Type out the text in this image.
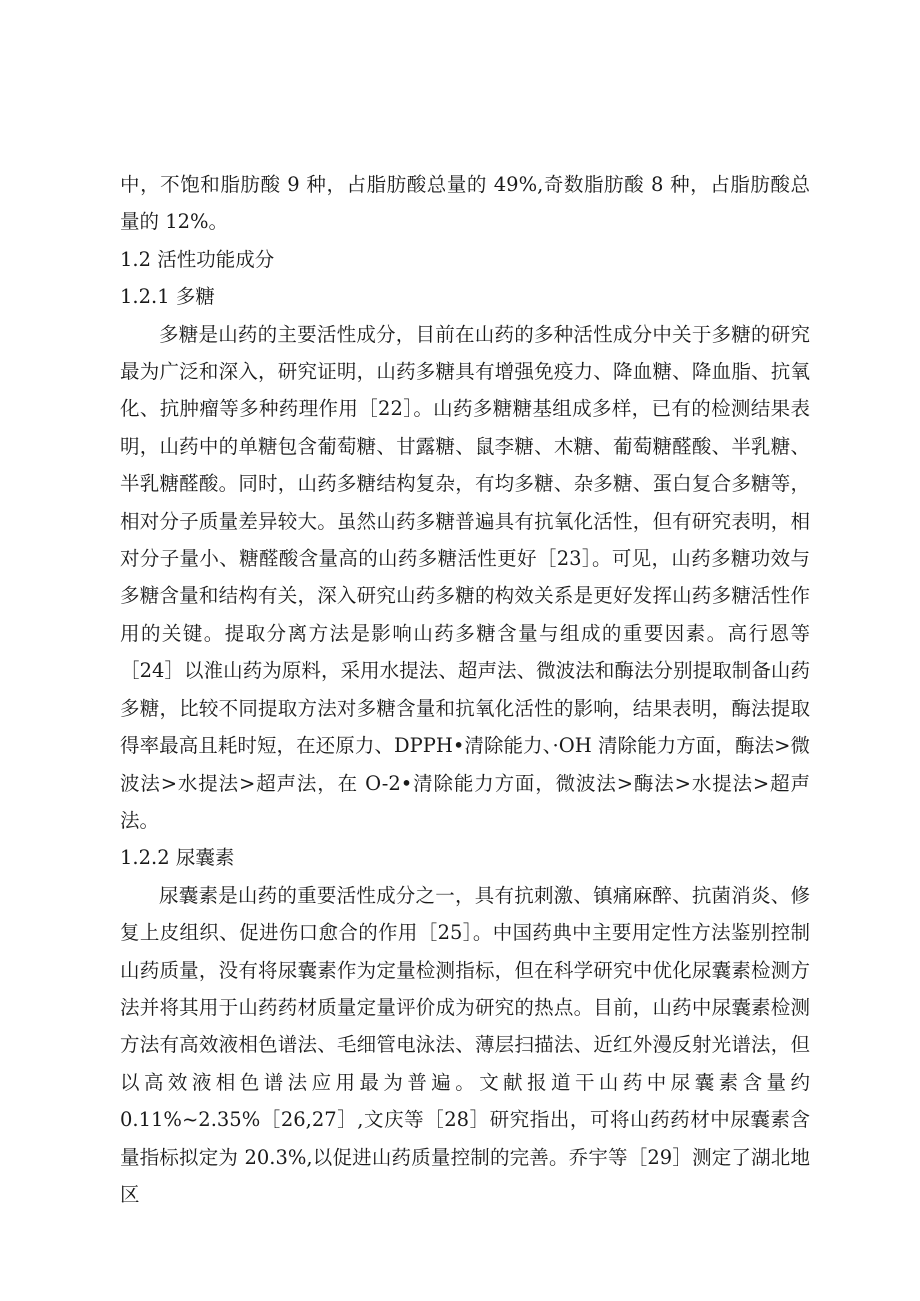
中，不饱和脂肪酸 9 种，占脂肪酸总量的 49%,奇数脂肪酸 8 种，占脂肪酸总量的 12%。

1.2 活性功能成分

1.2.1 多糖

多糖是山药的主要活性成分，目前在山药的多种活性成分中关于多糖的研究最为广泛和深入，研究证明，山药多糖具有增强免疫力、降血糖、降血脂、抗氧化、抗肿瘤等多种药理作用［22］。山药多糖糖基组成多样，已有的检测结果表明，山药中的单糖包含葡萄糖、甘露糖、鼠李糖、木糖、葡萄糖醛酸、半乳糖、半乳糖醛酸。同时，山药多糖结构复杂，有均多糖、杂多糖、蛋白复合多糖等，相对分子质量差异较大。虽然山药多糖普遍具有抗氧化活性，但有研究表明，相对分子量小、糖醛酸含量高的山药多糖活性更好［23］。可见，山药多糖功效与多糖含量和结构有关，深入研究山药多糖的构效关系是更好发挥山药多糖活性作用的关键。提取分离方法是影响山药多糖含量与组成的重要因素。高行恩等［24］以淮山药为原料，采用水提法、超声法、微波法和酶法分别提取制备山药多糖，比较不同提取方法对多糖含量和抗氧化活性的影响，结果表明，酶法提取得率最高且耗时短，在还原力、DPPH•清除能力、·OH 清除能力方面，酶法>微波法>水提法>超声法，在 O-2•清除能力方面，微波法>酶法>水提法>超声法。

1.2.2 尿囊素

尿囊素是山药的重要活性成分之一，具有抗刺激、镇痛麻醉、抗菌消炎、修复上皮组织、促进伤口愈合的作用［25］。中国药典中主要用定性方法鉴别控制山药质量，没有将尿囊素作为定量检测指标，但在科学研究中优化尿囊素检测方法并将其用于山药药材质量定量评价成为研究的热点。目前，山药中尿囊素检测方法有高效液相色谱法、毛细管电泳法、薄层扫描法、近红外漫反射光谱法，但以高效液相色谱法应用最为普遍。文献报道干山药中尿囊素含量约 0.11%~2.35%［26,27］,文庆等［28］研究指出，可将山药药材中尿囊素含量指标拟定为 20.3%,以促进山药质量控制的完善。乔宇等［29］测定了湖北地区
